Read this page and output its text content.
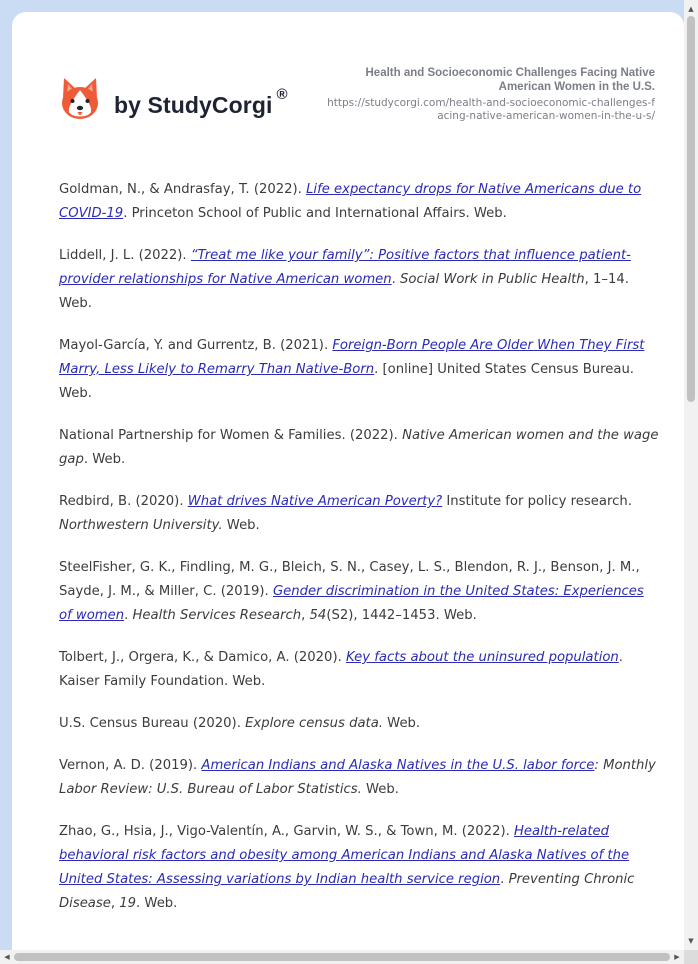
by StudyCorgi ®
Health and Socioeconomic Challenges Facing Native American Women in the U.S.
https://studycorgi.com/health-and-socioeconomic-challenges-facing-native-american-women-in-the-u-s/
Goldman, N., & Andrasfay, T. (2022). Life expectancy drops for Native Americans due to COVID-19. Princeton School of Public and International Affairs. Web.
Liddell, J. L. (2022). “Treat me like your family”: Positive factors that influence patient-provider relationships for Native American women. Social Work in Public Health, 1–14. Web.
Mayol-García, Y. and Gurrentz, B. (2021). Foreign-Born People Are Older When They First Marry, Less Likely to Remarry Than Native-Born. [online] United States Census Bureau. Web.
National Partnership for Women & Families. (2022). Native American women and the wage gap. Web.
Redbird, B. (2020). What drives Native American Poverty? Institute for policy research. Northwestern University. Web.
SteelFisher, G. K., Findling, M. G., Bleich, S. N., Casey, L. S., Blendon, R. J., Benson, J. M., Sayde, J. M., & Miller, C. (2019). Gender discrimination in the United States: Experiences of women. Health Services Research, 54(S2), 1442–1453. Web.
Tolbert, J., Orgera, K., & Damico, A. (2020). Key facts about the uninsured population. Kaiser Family Foundation. Web.
U.S. Census Bureau (2020). Explore census data. Web.
Vernon, A. D. (2019). American Indians and Alaska Natives in the U.S. labor force: Monthly Labor Review: U.S. Bureau of Labor Statistics. Web.
Zhao, G., Hsia, J., Vigo-Valentín, A., Garvin, W. S., & Town, M. (2022). Health-related behavioral risk factors and obesity among American Indians and Alaska Natives of the United States: Assessing variations by Indian health service region. Preventing Chronic Disease, 19. Web.
▲
▼
◀	▶
